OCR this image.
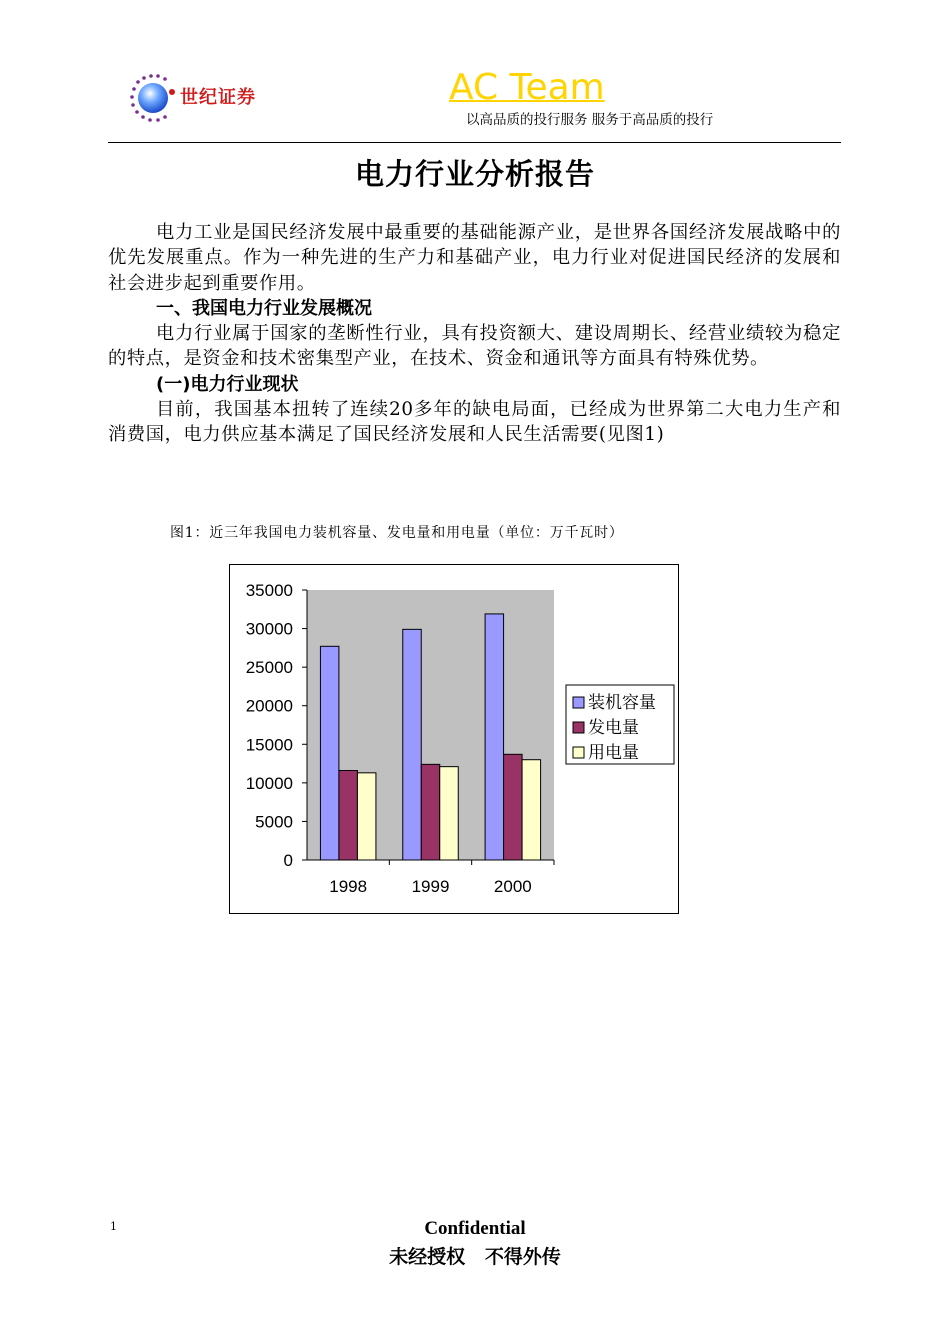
世纪证券	AC Team
以高品质的投行服务 服务于高品质的投行
电力行业分析报告

电力工业是国民经济发展中最重要的基础能源产业，是世界各国经济发展战略中的优先发展重点。作为一种先进的生产力和基础产业，电力行业对促进国民经济的发展和社会进步起到重要作用。

一、我国电力行业发展概况

电力行业属于国家的垄断性行业，具有投资额大、建设周期长、经营业绩较为稳定的特点，是资金和技术密集型产业，在技术、资金和通讯等方面具有特殊优势。

(一)电力行业现状

目前，我国基本扭转了连续20多年的缺电局面，已经成为世界第二大电力生产和消费国，电力供应基本满足了国民经济发展和人民生活需要(见图1)

图1：近三年我国电力装机容量、发电量和用电量（单位：万千瓦时）
1998	1999	2000
0
5000
10000
15000
20000
25000
30000
35000
装机容量
发电量
用电量
1	Confidential
未经授权   不得外传
